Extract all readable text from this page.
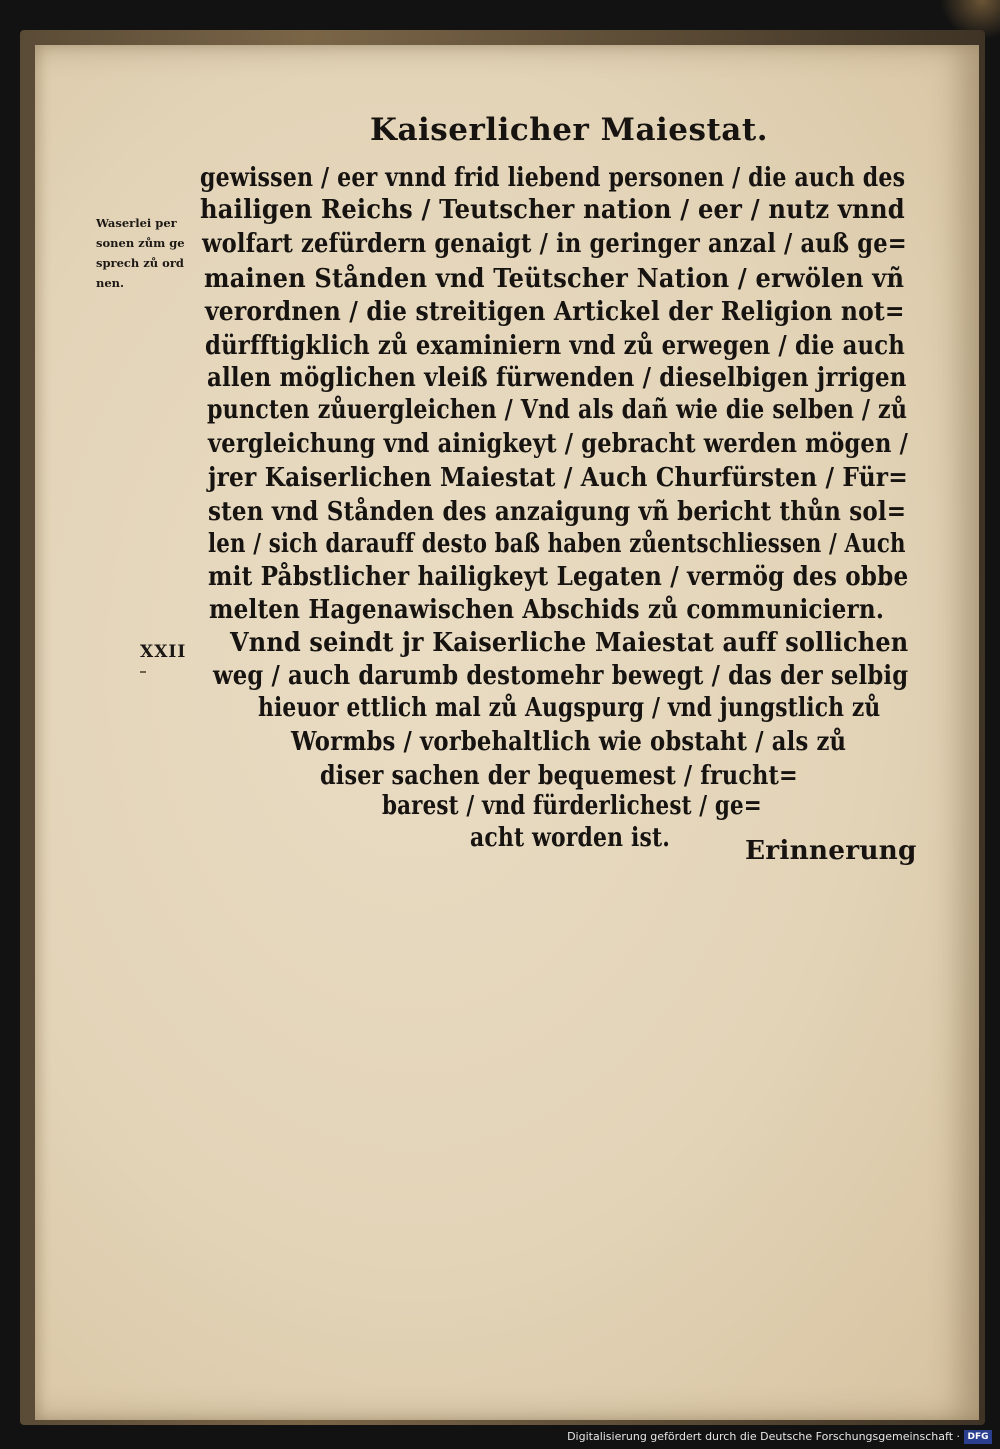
Kaiserlicher Maiestat.
Waserlei per
sonen zům ge
sprech zů ord
nen.
XXII
gewissen / eer vnnd frid liebend personen / die auch des
hailigen Reichs / Teutscher nation / eer / nutz vnnd
wolfart zefürdern genaigt / in geringer anzal / auß ge=
mainen Stånden vnd Teütscher Nation / erwölen vñ
verordnen / die streitigen Artickel der Religion not=
dürfftigklich zů examiniern vnd zů erwegen / die auch
allen möglichen vleiß fürwenden / dieselbigen jrrigen
puncten zůuergleichen / Vnd als dañ wie die selben / zů
vergleichung vnd ainigkeyt / gebracht werden mögen /
jrer Kaiserlichen Maiestat / Auch Churfürsten / Für=
sten vnd Stånden des anzaigung vñ bericht thůn sol=
len / sich darauff desto baß haben zůentschliessen / Auch
mit Påbstlicher hailigkeyt Legaten / vermög des obbe
melten Hagenawischen Abschids zů communiciern.
Vnnd seindt jr Kaiserliche Maiestat auff sollichen
weg / auch darumb destomehr bewegt / das der selbig
hieuor ettlich mal zů Augspurg / vnd jungstlich zů
Wormbs / vorbehaltlich wie obstaht / als zů
diser sachen der bequemest / frucht=
barest / vnd fürderlichest / ge=
acht worden ist.	Erinnerung
Digitalisierung gefördert durch die Deutsche Forschungsgemeinschaft · DFG
